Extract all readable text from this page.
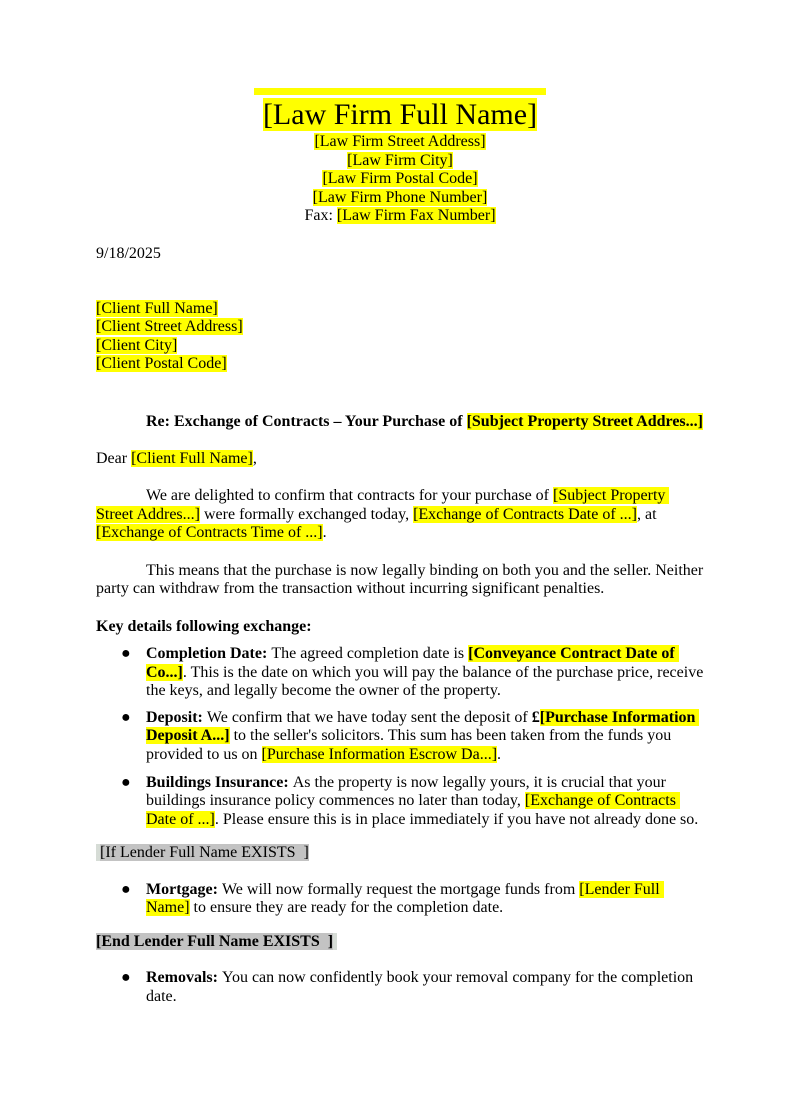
[Law Firm Full Name]
[Law Firm Street Address]
[Law Firm City]
[Law Firm Postal Code]
[Law Firm Phone Number]
Fax: [Law Firm Fax Number]
9/18/2025
[Client Full Name]
[Client Street Address]
[Client City]
[Client Postal Code]
Re: Exchange of Contracts – Your Purchase of [Subject Property Street Addres...]
Dear [Client Full Name],
We are delighted to confirm that contracts for your purchase of [Subject Property Street Addres...] were formally exchanged today, [Exchange of Contracts Date of ...], at [Exchange of Contracts Time of ...].
This means that the purchase is now legally binding on both you and the seller. Neither party can withdraw from the transaction without incurring significant penalties.
Key details following exchange:
● Completion Date: The agreed completion date is [Conveyance Contract Date of Co...]. This is the date on which you will pay the balance of the purchase price, receive the keys, and legally become the owner of the property.
● Deposit: We confirm that we have today sent the deposit of £[Purchase Information Deposit A...] to the seller's solicitors. This sum has been taken from the funds you provided to us on [Purchase Information Escrow Da...].
● Buildings Insurance: As the property is now legally yours, it is crucial that your buildings insurance policy commences no later than today, [Exchange of Contracts Date of ...]. Please ensure this is in place immediately if you have not already done so.
[If Lender Full Name EXISTS  ]
● Mortgage: We will now formally request the mortgage funds from [Lender Full Name] to ensure they are ready for the completion date.
[End Lender Full Name EXISTS  ]
● Removals: You can now confidently book your removal company for the completion date.
